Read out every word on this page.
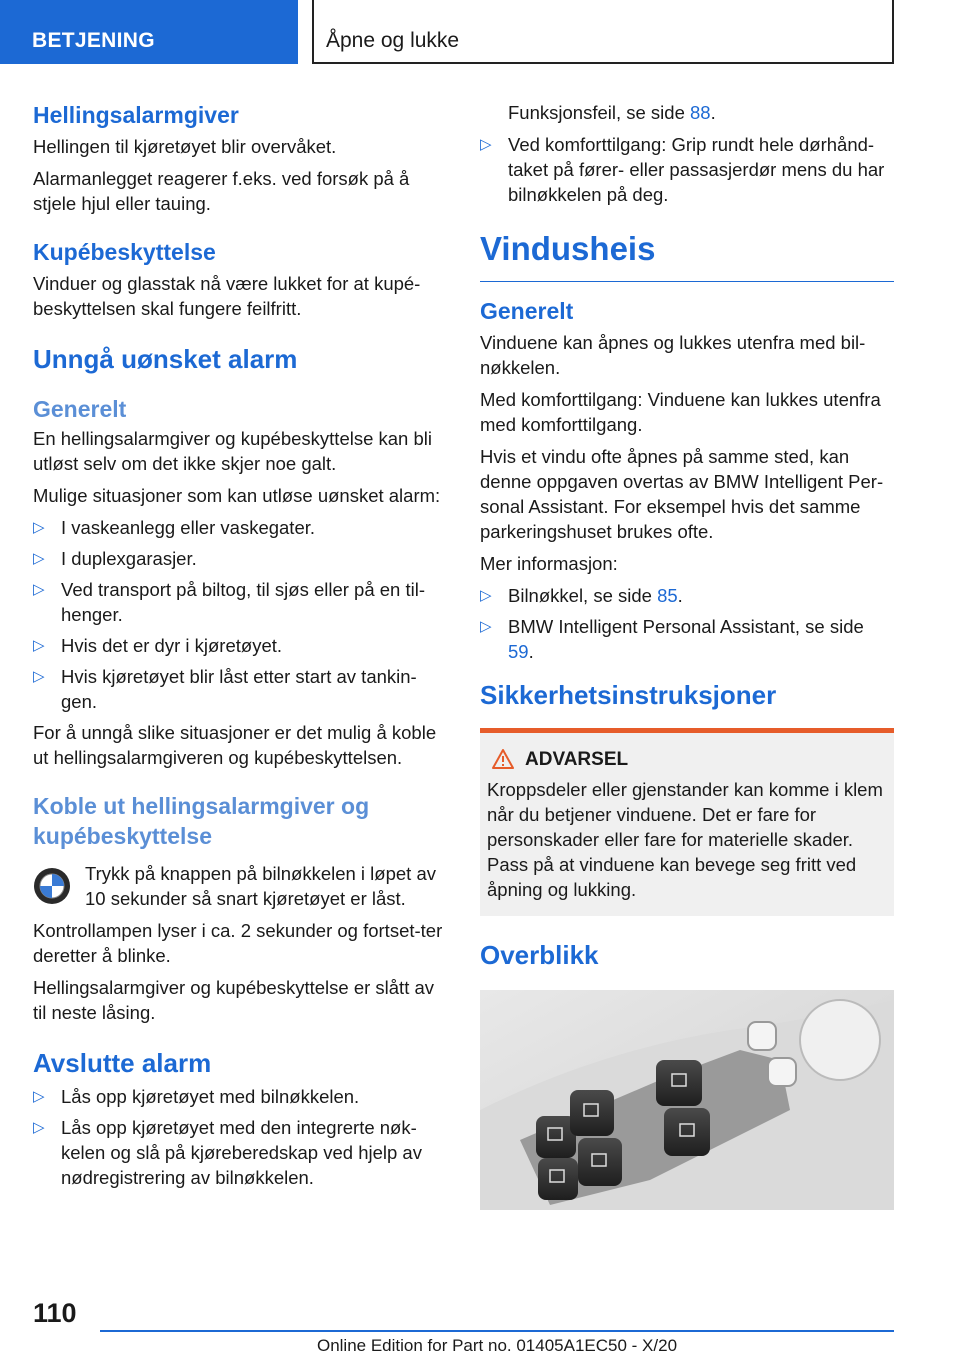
BETJENING	Åpne og lukke
Hellingsalarmgiver

Hellingen til kjøretøyet blir overvåket.

Alarmanlegget reagerer f.eks. ved forsøk på å stjele hjul eller tauing.

Kupébeskyttelse

Vinduer og glasstak nå være lukket for at kupé-beskyttelsen skal fungere feilfritt.

Unngå uønsket alarm
Generelt

En hellingsalarmgiver og kupébeskyttelse kan bli utløst selv om det ikke skjer noe galt.

Mulige situasjoner som kan utløse uønsket alarm:

▷ I vaskeanlegg eller vaskegater.
▷ I duplexgarasjer.
▷ Ved transport på biltog, til sjøs eller på en til-henger.
▷ Hvis det er dyr i kjøretøyet.
▷ Hvis kjøretøyet blir låst etter start av tankin-gen.

For å unngå slike situasjoner er det mulig å koble ut hellingsalarmgiveren og kupébeskyttelsen.

Koble ut hellingsalarmgiver og kupébeskyttelse

Trykk på knappen på bilnøkkelen i løpet av 10 sekunder så snart kjøretøyet er låst.

Kontrollampen lyser i ca. 2 sekunder og fortset-ter deretter å blinke.

Hellingsalarmgiver og kupébeskyttelse er slått av til neste låsing.

Avslutte alarm
▷ Lås opp kjøretøyet med bilnøkkelen.
▷ Lås opp kjøretøyet med den integrerte nøk-kelen og slå på kjøreberedskap ved hjelp av nødregistrering av bilnøkkelen.

Funksjonsfeil, se side 88.

▷ Ved komforttilgang: Grip rundt hele dørhånd-taket på fører- eller passasjerdør mens du har bilnøkkelen på deg.
Vindusheis
Generelt

Vinduene kan åpnes og lukkes utenfra med bil-nøkkelen.

Med komforttilgang: Vinduene kan lukkes utenfra med komforttilgang.

Hvis et vindu ofte åpnes på samme sted, kan denne oppgaven overtas av BMW Intelligent Per-sonal Assistant. For eksempel hvis det samme parkeringshuset brukes ofte.

Mer informasjon:

▷ Bilnøkkel, se side 85.
▷ BMW Intelligent Personal Assistant, se side 59.
Sikkerhetsinstruksjoner
ADVARSEL

Kroppsdeler eller gjenstander kan komme i klem når du betjener vinduene. Det er fare for personskader eller fare for materielle skader. Pass på at vinduene kan bevege seg fritt ved åpning og lukking.

Overblikk
110
Online Edition for Part no. 01405A1EC50 - X/20
